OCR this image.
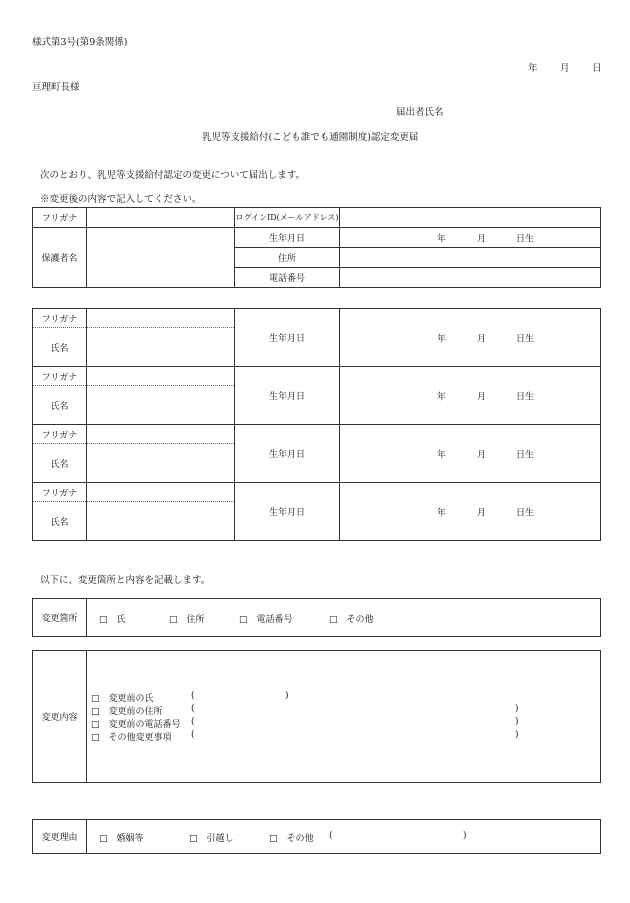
様式第3号(第9条関係)
年 月 日
亘理町長様
届出者氏名
乳児等支援給付(こども誰でも通園制度)認定変更届
次のとおり、乳児等支援給付認定の変更について届出します。
※変更後の内容で記入してください。
フリガナ		ログインID(メールアドレス)	
保護者名		生年月日	年 月 日生

		住所	
		電話番号	
フリガナ		生年月日	年 月 日生

氏名			
フリガナ		生年月日	年 月 日生

氏名			
フリガナ		生年月日	年 月 日生

氏名			
フリガナ		生年月日	年 月 日生

氏名			
以下に、変更箇所と内容を記載します。
変更箇所	□　氏	□　住所	□　電話番号	□　その他
変更内容	
□　変更前の氏	(	)
□　変更前の住所	(	)
□　変更前の電話番号 (	)
□　その他変更事項 (	)
変更理由	□　婚姻等	□　引越し	□　その他 (	)
